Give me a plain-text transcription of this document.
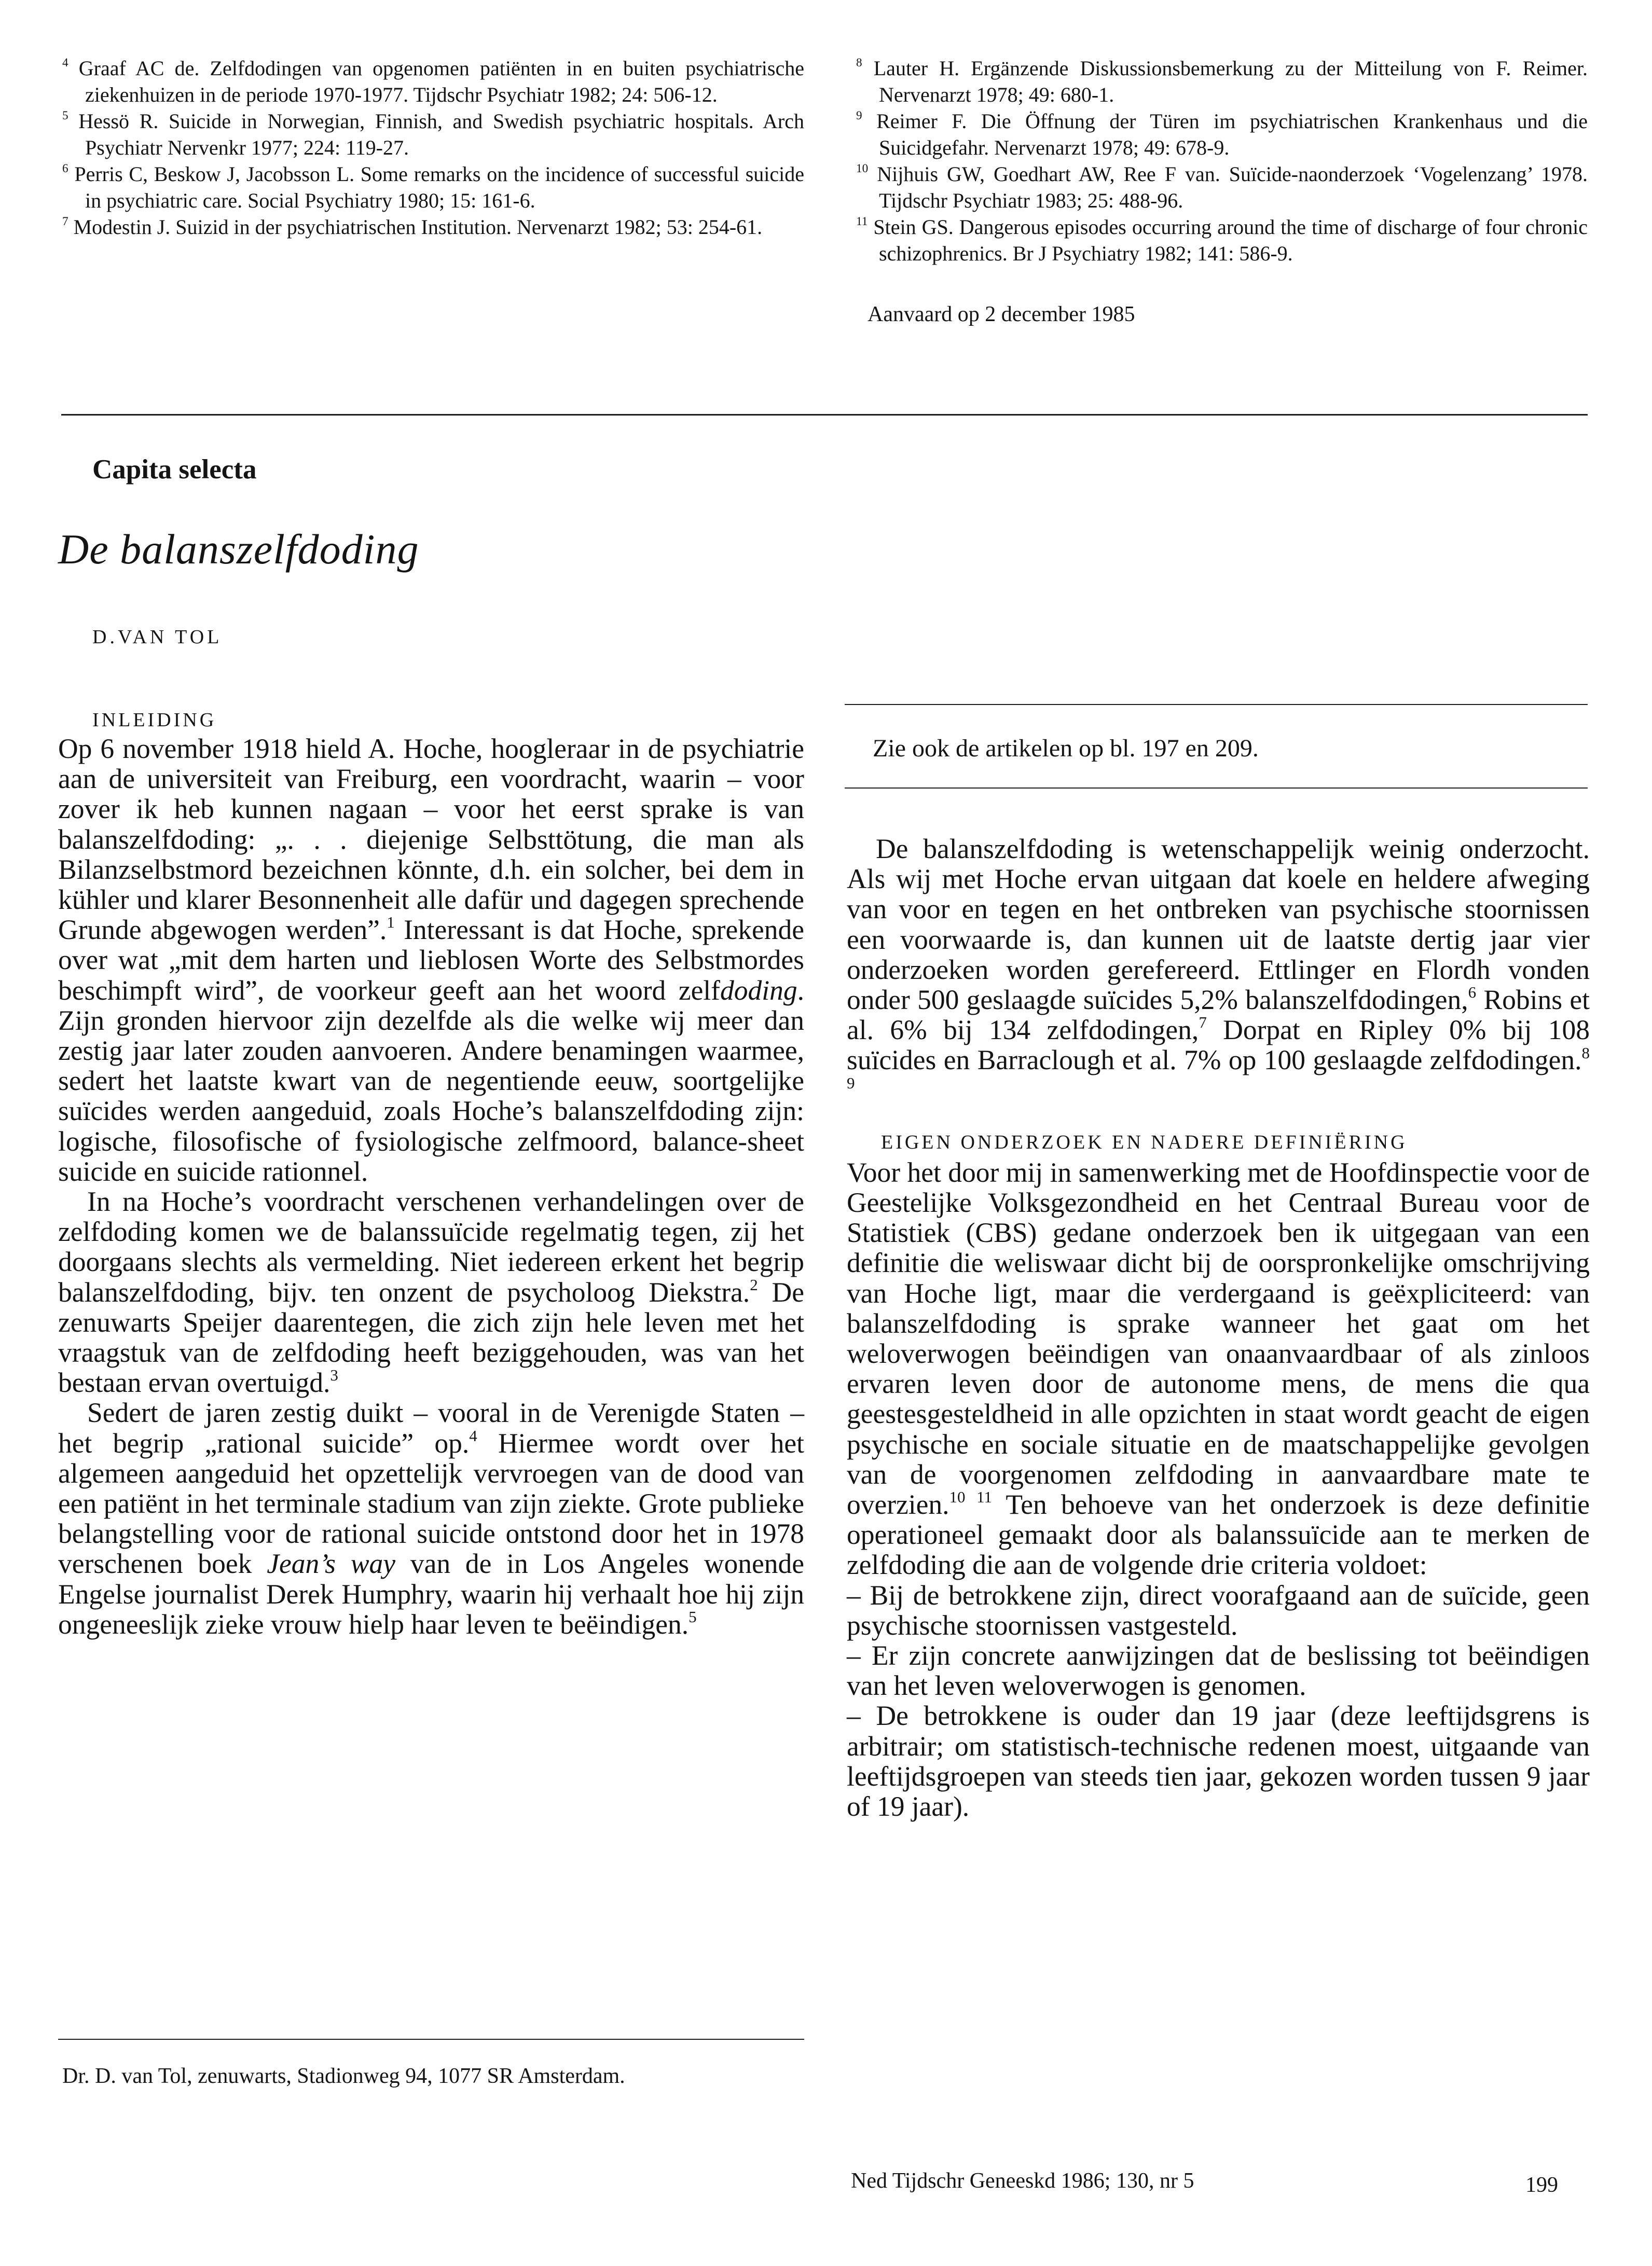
$^4$ Graaf AC de. Zelfdodingen van opgenomen patiënten in en buiten psychiatrische ziekenhuizen in de periode 1970-1977. Tijdschr Psychiatr 1982; 24: 506-12.

$^5$ Hessö R. Suicide in Norwegian, Finnish, and Swedish psychiatric hospitals. Arch Psychiatr Nervenkr 1977; 224: 119-27.

$^6$ Perris C, Beskow J, Jacobsson L. Some remarks on the incidence of successful suicide in psychiatric care. Social Psychiatry 1980; 15: 161-6.

$^7$ Modestin J. Suizid in der psychiatrischen Institution. Nervenarzt 1982; 53: 254-61.

$^8$ Lauter H. Ergänzende Diskussionsbemerkung zu der Mitteilung von F. Reimer. Nervenarzt 1978; 49: 680-1.

$^9$ Reimer F. Die Öffnung der Türen im psychiatrischen Krankenhaus und die Suicidgefahr. Nervenarzt 1978; 49: 678-9.

$^{10}$ Nijhuis GW, Goedhart AW, Ree F van. Suïcide-naonderzoek ‘Vogelenzang’ 1978. Tijdschr Psychiatr 1983; 25: 488-96.

$^{11}$ Stein GS. Dangerous episodes occurring around the time of discharge of four chronic schizophrenics. Br J Psychiatry 1982; 141: 586-9.

Aanvaard op 2 december 1985
Capita selecta
De balanszelfdoding
D.VAN TOL

INLEIDING

Op 6 november 1918 hield A. Hoche, hoogleraar in de psychiatrie aan de universiteit van Freiburg, een voordracht, waarin – voor zover ik heb kunnen nagaan – voor het eerst sprake is van balanszelfdoding: „. . . diejenige Selbsttötung, die man als Bilanzselbstmord bezeichnen könnte, d.h. ein solcher, bei dem in kühler und klarer Besonnenheit alle dafür und dagegen sprechende Grunde abgewogen werden”.$^1$ Interessant is dat Hoche, sprekende over wat „mit dem harten und lieblosen Worte des Selbstmordes beschimpft wird”, de voorkeur geeft aan het woord zelfdoding. Zijn gronden hiervoor zijn dezelfde als die welke wij meer dan zestig jaar later zouden aanvoeren. Andere benamingen waarmee, sedert het laatste kwart van de negentiende eeuw, soortgelijke suïcides werden aangeduid, zoals Hoche’s balanszelfdoding zijn: logische, filosofische of fysiologische zelfmoord, balance-sheet suicide en suicide rationnel.

In na Hoche’s voordracht verschenen verhandelingen over de zelfdoding komen we de balanssuïcide regelmatig tegen, zij het doorgaans slechts als vermelding. Niet iedereen erkent het begrip balanszelfdoding, bijv. ten onzent de psycholoog Diekstra.$^2$ De zenuwarts Speijer daarentegen, die zich zijn hele leven met het vraagstuk van de zelfdoding heeft beziggehouden, was van het bestaan ervan overtuigd.$^3$

Sedert de jaren zestig duikt – vooral in de Verenigde Staten – het begrip „rational suicide” op.$^4$ Hiermee wordt over het algemeen aangeduid het opzettelijk vervroegen van de dood van een patiënt in het terminale stadium van zijn ziekte. Grote publieke belangstelling voor de rational suicide ontstond door het in 1978 verschenen boek Jean’s way van de in Los Angeles wonende Engelse journalist Derek Humphry, waarin hij verhaalt hoe hij zijn ongeneeslijk zieke vrouw hielp haar leven te beëindigen.$^5$

Dr. D. van Tol, zenuwarts, Stadionweg 94, 1077 SR Amsterdam.
Zie ook de artikelen op bl. 197 en 209.

De balanszelfdoding is wetenschappelijk weinig onderzocht. Als wij met Hoche ervan uitgaan dat koele en heldere afweging van voor en tegen en het ontbreken van psychische stoornissen een voorwaarde is, dan kunnen uit de laatste dertig jaar vier onderzoeken worden gerefereerd. Ettlinger en Flordh vonden onder 500 geslaagde suïcides 5,2% balanszelfdodingen,$^6$ Robins et al. 6% bij 134 zelfdodingen,$^7$ Dorpat en Ripley 0% bij 108 suïcides en Barraclough et al. 7% op 100 geslaagde zelfdodingen.$^{8 9}$

EIGEN ONDERZOEK EN NADERE DEFINIËRING

Voor het door mij in samenwerking met de Hoofdinspectie voor de Geestelijke Volksgezondheid en het Centraal Bureau voor de Statistiek (CBS) gedane onderzoek ben ik uitgegaan van een definitie die weliswaar dicht bij de oorspronkelijke omschrijving van Hoche ligt, maar die verdergaand is geëxpliciteerd: van balanszelfdoding is sprake wanneer het gaat om het weloverwogen beëindigen van onaanvaardbaar of als zinloos ervaren leven door de autonome mens, de mens die qua geestesgesteldheid in alle opzichten in staat wordt geacht de eigen psychische en sociale situatie en de maatschappelijke gevolgen van de voorgenomen zelfdoding in aanvaardbare mate te overzien.$^{10 11}$ Ten behoeve van het onderzoek is deze definitie operationeel gemaakt door als balanssuïcide aan te merken de zelfdoding die aan de volgende drie criteria voldoet:

– Bij de betrokkene zijn, direct voorafgaand aan de suïcide, geen psychische stoornissen vastgesteld.

– Er zijn concrete aanwijzingen dat de beslissing tot beëindigen van het leven weloverwogen is genomen.

– De betrokkene is ouder dan 19 jaar (deze leeftijdsgrens is arbitrair; om statistisch-technische redenen moest, uitgaande van leeftijdsgroepen van steeds tien jaar, gekozen worden tussen 9 jaar of 19 jaar).

Ned Tijdschr Geneeskd 1986; 130, nr 5	199
